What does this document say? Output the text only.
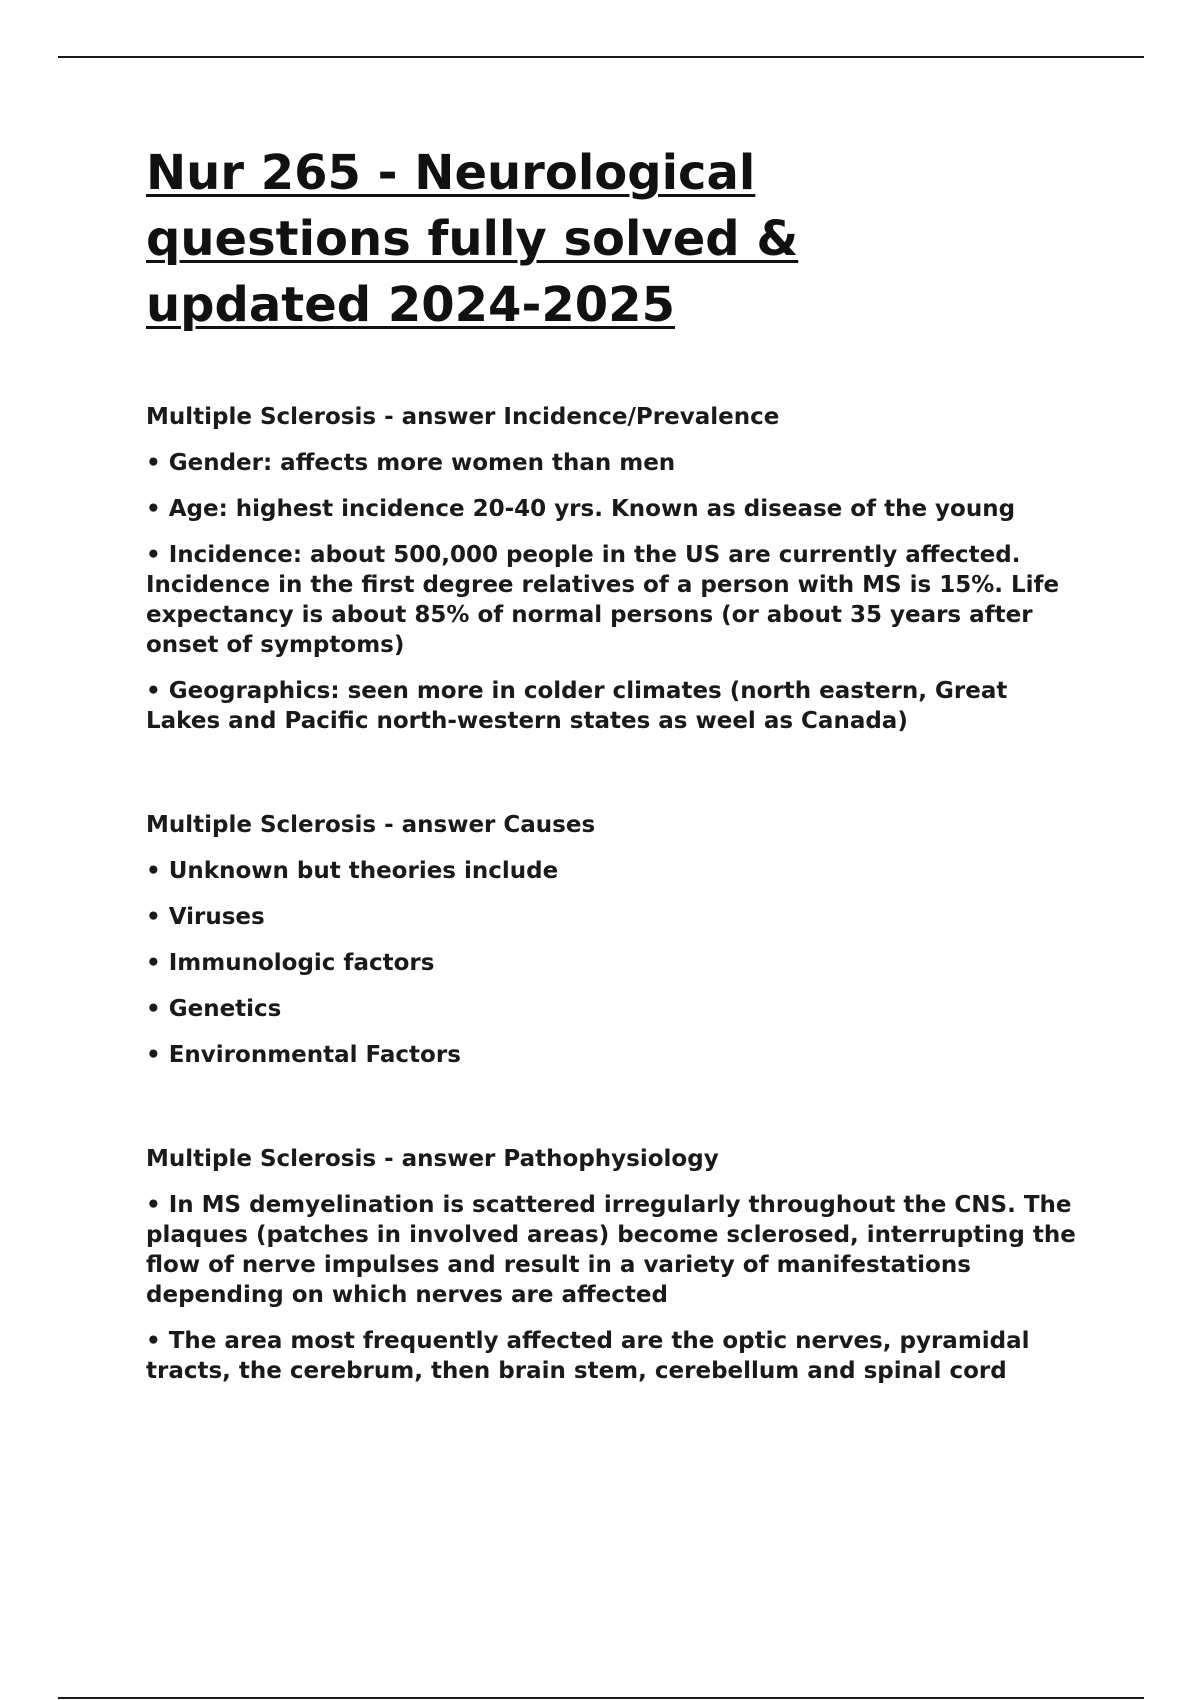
Nur 265 - Neurological questions fully solved & updated 2024-2025

Multiple Sclerosis - answer Incidence/Prevalence

• Gender: affects more women than men
• Age: highest incidence 20-40 yrs. Known as disease of the young
• Incidence: about 500,000 people in the US are currently affected. Incidence in the first degree relatives of a person with MS is 15%. Life expectancy is about 85% of normal persons (or about 35 years after onset of symptoms)
• Geographics: seen more in colder climates (north eastern, Great Lakes and Pacific north-western states as weel as Canada)

Multiple Sclerosis - answer Causes

• Unknown but theories include
• Viruses
• Immunologic factors
• Genetics
• Environmental Factors

Multiple Sclerosis - answer Pathophysiology

• In MS demyelination is scattered irregularly throughout the CNS. The plaques (patches in involved areas) become sclerosed, interrupting the flow of nerve impulses and result in a variety of manifestations depending on which nerves are affected
• The area most frequently affected are the optic nerves, pyramidal tracts, the cerebrum, then brain stem, cerebellum and spinal cord
